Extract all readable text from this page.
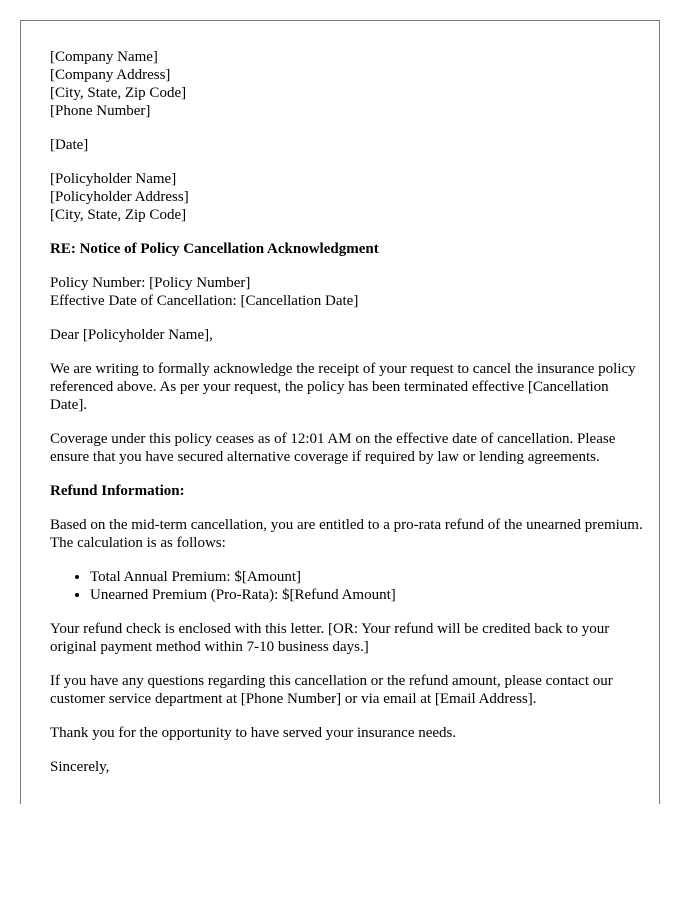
[Company Name]
[Company Address]
[City, State, Zip Code]
[Phone Number]
[Date]
[Policyholder Name]
[Policyholder Address]
[City, State, Zip Code]
RE: Notice of Policy Cancellation Acknowledgment
Policy Number: [Policy Number]
Effective Date of Cancellation: [Cancellation Date]

Dear [Policyholder Name],

We are writing to formally acknowledge the receipt of your request to cancel the insurance policy referenced above. As per your request, the policy has been terminated effective [Cancellation Date].

Coverage under this policy ceases as of 12:01 AM on the effective date of cancellation. Please ensure that you have secured alternative coverage if required by law or lending agreements.

Refund Information:

Based on the mid-term cancellation, you are entitled to a pro-rata refund of the unearned premium. The calculation is as follows:

• Total Annual Premium: $[Amount]
• Unearned Premium (Pro-Rata): $[Refund Amount]

Your refund check is enclosed with this letter. [OR: Your refund will be credited back to your original payment method within 7-10 business days.]

If you have any questions regarding this cancellation or the refund amount, please contact our customer service department at [Phone Number] or via email at [Email Address].

Thank you for the opportunity to have served your insurance needs.

Sincerely,
